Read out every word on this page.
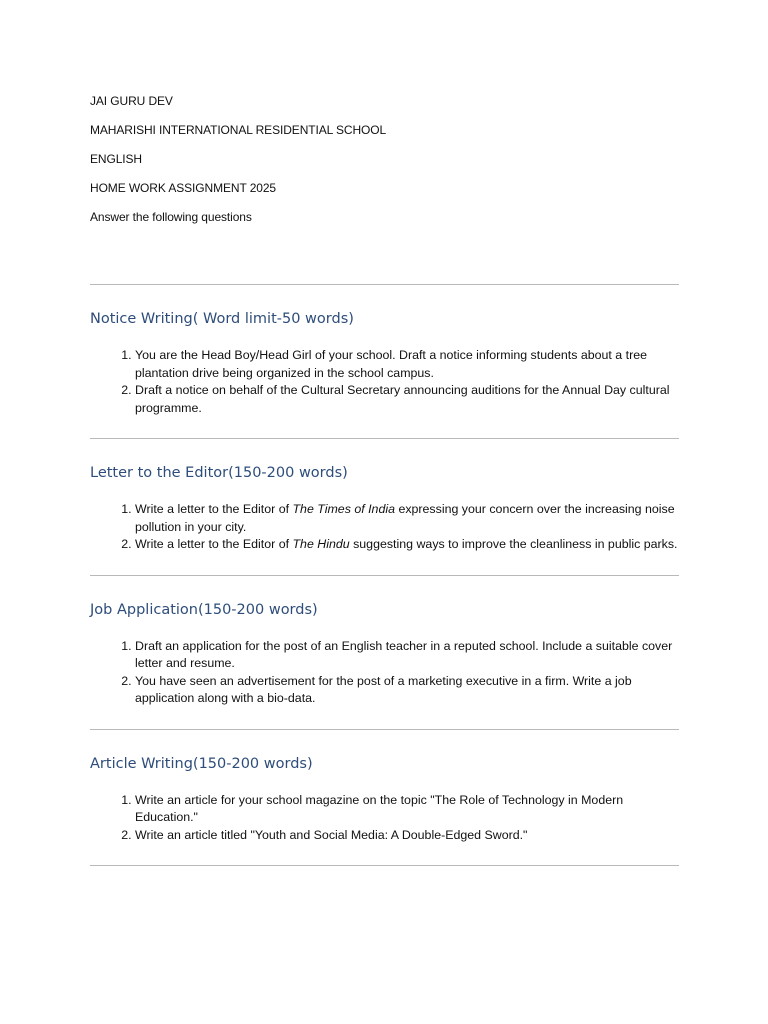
JAI GURU DEV

MAHARISHI INTERNATIONAL RESIDENTIAL SCHOOL

ENGLISH

HOME WORK ASSIGNMENT 2025

Answer the following questions

Notice Writing( Word limit-50 words)
1. You are the Head Boy/Head Girl of your school. Draft a notice informing students about a tree plantation drive being organized in the school campus.
2. Draft a notice on behalf of the Cultural Secretary announcing auditions for the Annual Day cultural programme.
Letter to the Editor(150-200 words)
1. Write a letter to the Editor of The Times of India expressing your concern over the increasing noise pollution in your city.
2. Write a letter to the Editor of The Hindu suggesting ways to improve the cleanliness in public parks.
Job Application(150-200 words)
1. Draft an application for the post of an English teacher in a reputed school. Include a suitable cover letter and resume.
2. You have seen an advertisement for the post of a marketing executive in a firm. Write a job application along with a bio-data.
Article Writing(150-200 words)
1. Write an article for your school magazine on the topic "The Role of Technology in Modern Education."
2. Write an article titled "Youth and Social Media: A Double-Edged Sword."
